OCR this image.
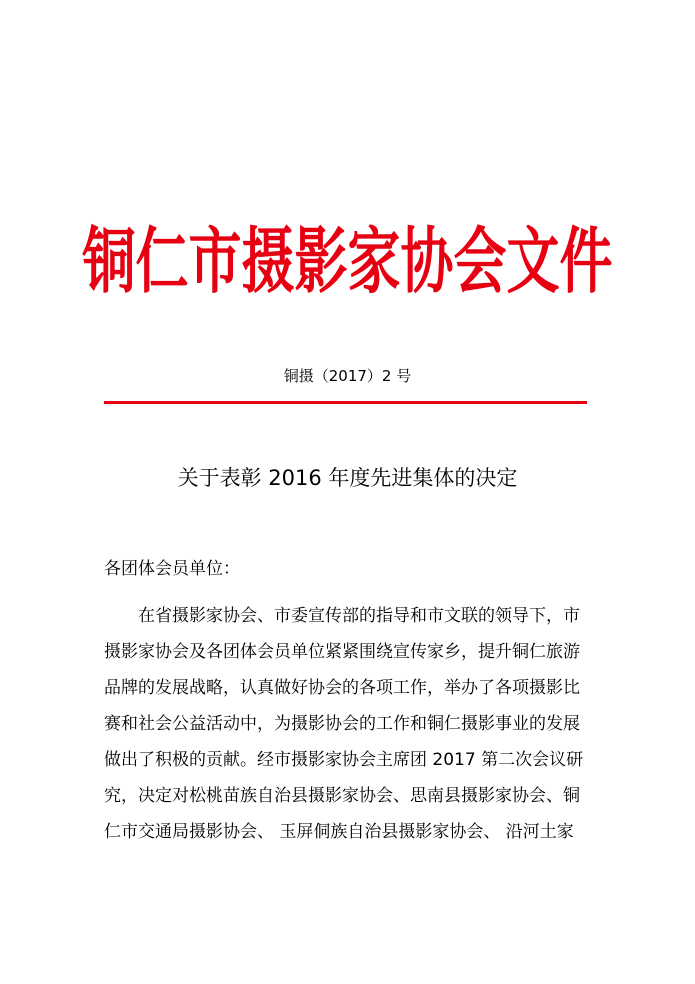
铜仁市摄影家协会文件
铜摄（2017）2 号
关于表彰 2016 年度先进集体的决定
各团体会员单位：
在省摄影家协会、市委宣传部的指导和市文联的领导下，市
摄影家协会及各团体会员单位紧紧围绕宣传家乡，提升铜仁旅游
品牌的发展战略，认真做好协会的各项工作，举办了各项摄影比
赛和社会公益活动中，为摄影协会的工作和铜仁摄影事业的发展
做出了积极的贡献。经市摄影家协会主席团 2017 第二次会议研
究，决定对松桃苗族自治县摄影家协会、思南县摄影家协会、铜
仁市交通局摄影协会、 玉屏侗族自治县摄影家协会、 沿河土家
